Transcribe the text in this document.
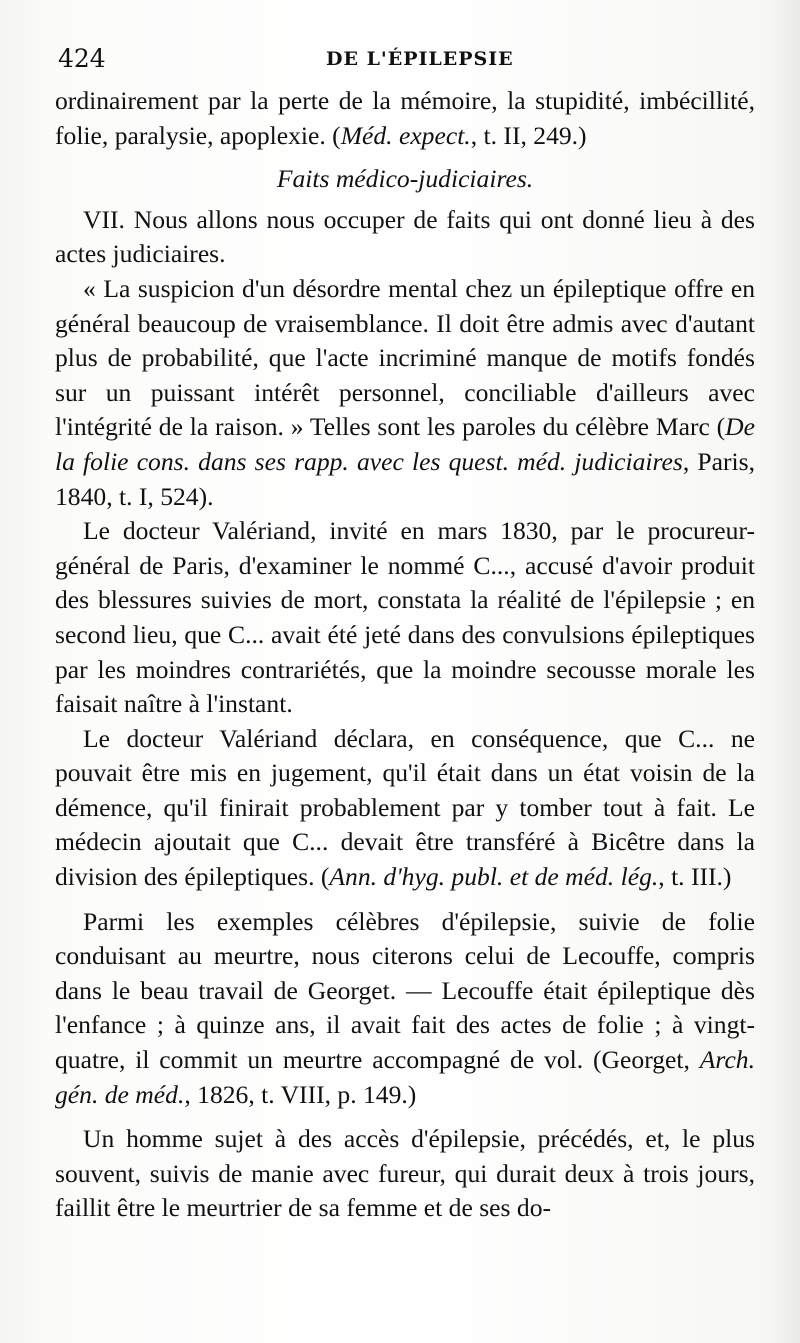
424	DE L'ÉPILEPSIE

ordinairement par la perte de la mémoire, la stupidité, imbécillité, folie, paralysie, apoplexie. (Méd. expect., t. II, 249.)

Faits médico-judiciaires.

VII. Nous allons nous occuper de faits qui ont donné lieu à des actes judiciaires.

« La suspicion d'un désordre mental chez un épileptique offre en général beaucoup de vraisemblance. Il doit être admis avec d'autant plus de probabilité, que l'acte incriminé manque de motifs fondés sur un puissant intérêt personnel, conciliable d'ailleurs avec l'intégrité de la raison. » Telles sont les paroles du célèbre Marc (De la folie cons. dans ses rapp. avec les quest. méd. judiciaires, Paris, 1840, t. I, 524).

Le docteur Valériand, invité en mars 1830, par le procureur-général de Paris, d'examiner le nommé C..., accusé d'avoir produit des blessures suivies de mort, constata la réalité de l'épilepsie ; en second lieu, que C... avait été jeté dans des convulsions épileptiques par les moindres contrariétés, que la moindre secousse morale les faisait naître à l'instant.

Le docteur Valériand déclara, en conséquence, que C... ne pouvait être mis en jugement, qu'il était dans un état voisin de la démence, qu'il finirait probablement par y tomber tout à fait. Le médecin ajoutait que C... devait être transféré à Bicêtre dans la division des épileptiques. (Ann. d'hyg. publ. et de méd. lég., t. III.)

Parmi les exemples célèbres d'épilepsie, suivie de folie conduisant au meurtre, nous citerons celui de Lecouffe, compris dans le beau travail de Georget. — Lecouffe était épileptique dès l'enfance ; à quinze ans, il avait fait des actes de folie ; à vingt-quatre, il commit un meurtre accompagné de vol. (Georget, Arch. gén. de méd., 1826, t. VIII, p. 149.)

Un homme sujet à des accès d'épilepsie, précédés, et, le plus souvent, suivis de manie avec fureur, qui durait deux à trois jours, faillit être le meurtrier de sa femme et de ses do-
